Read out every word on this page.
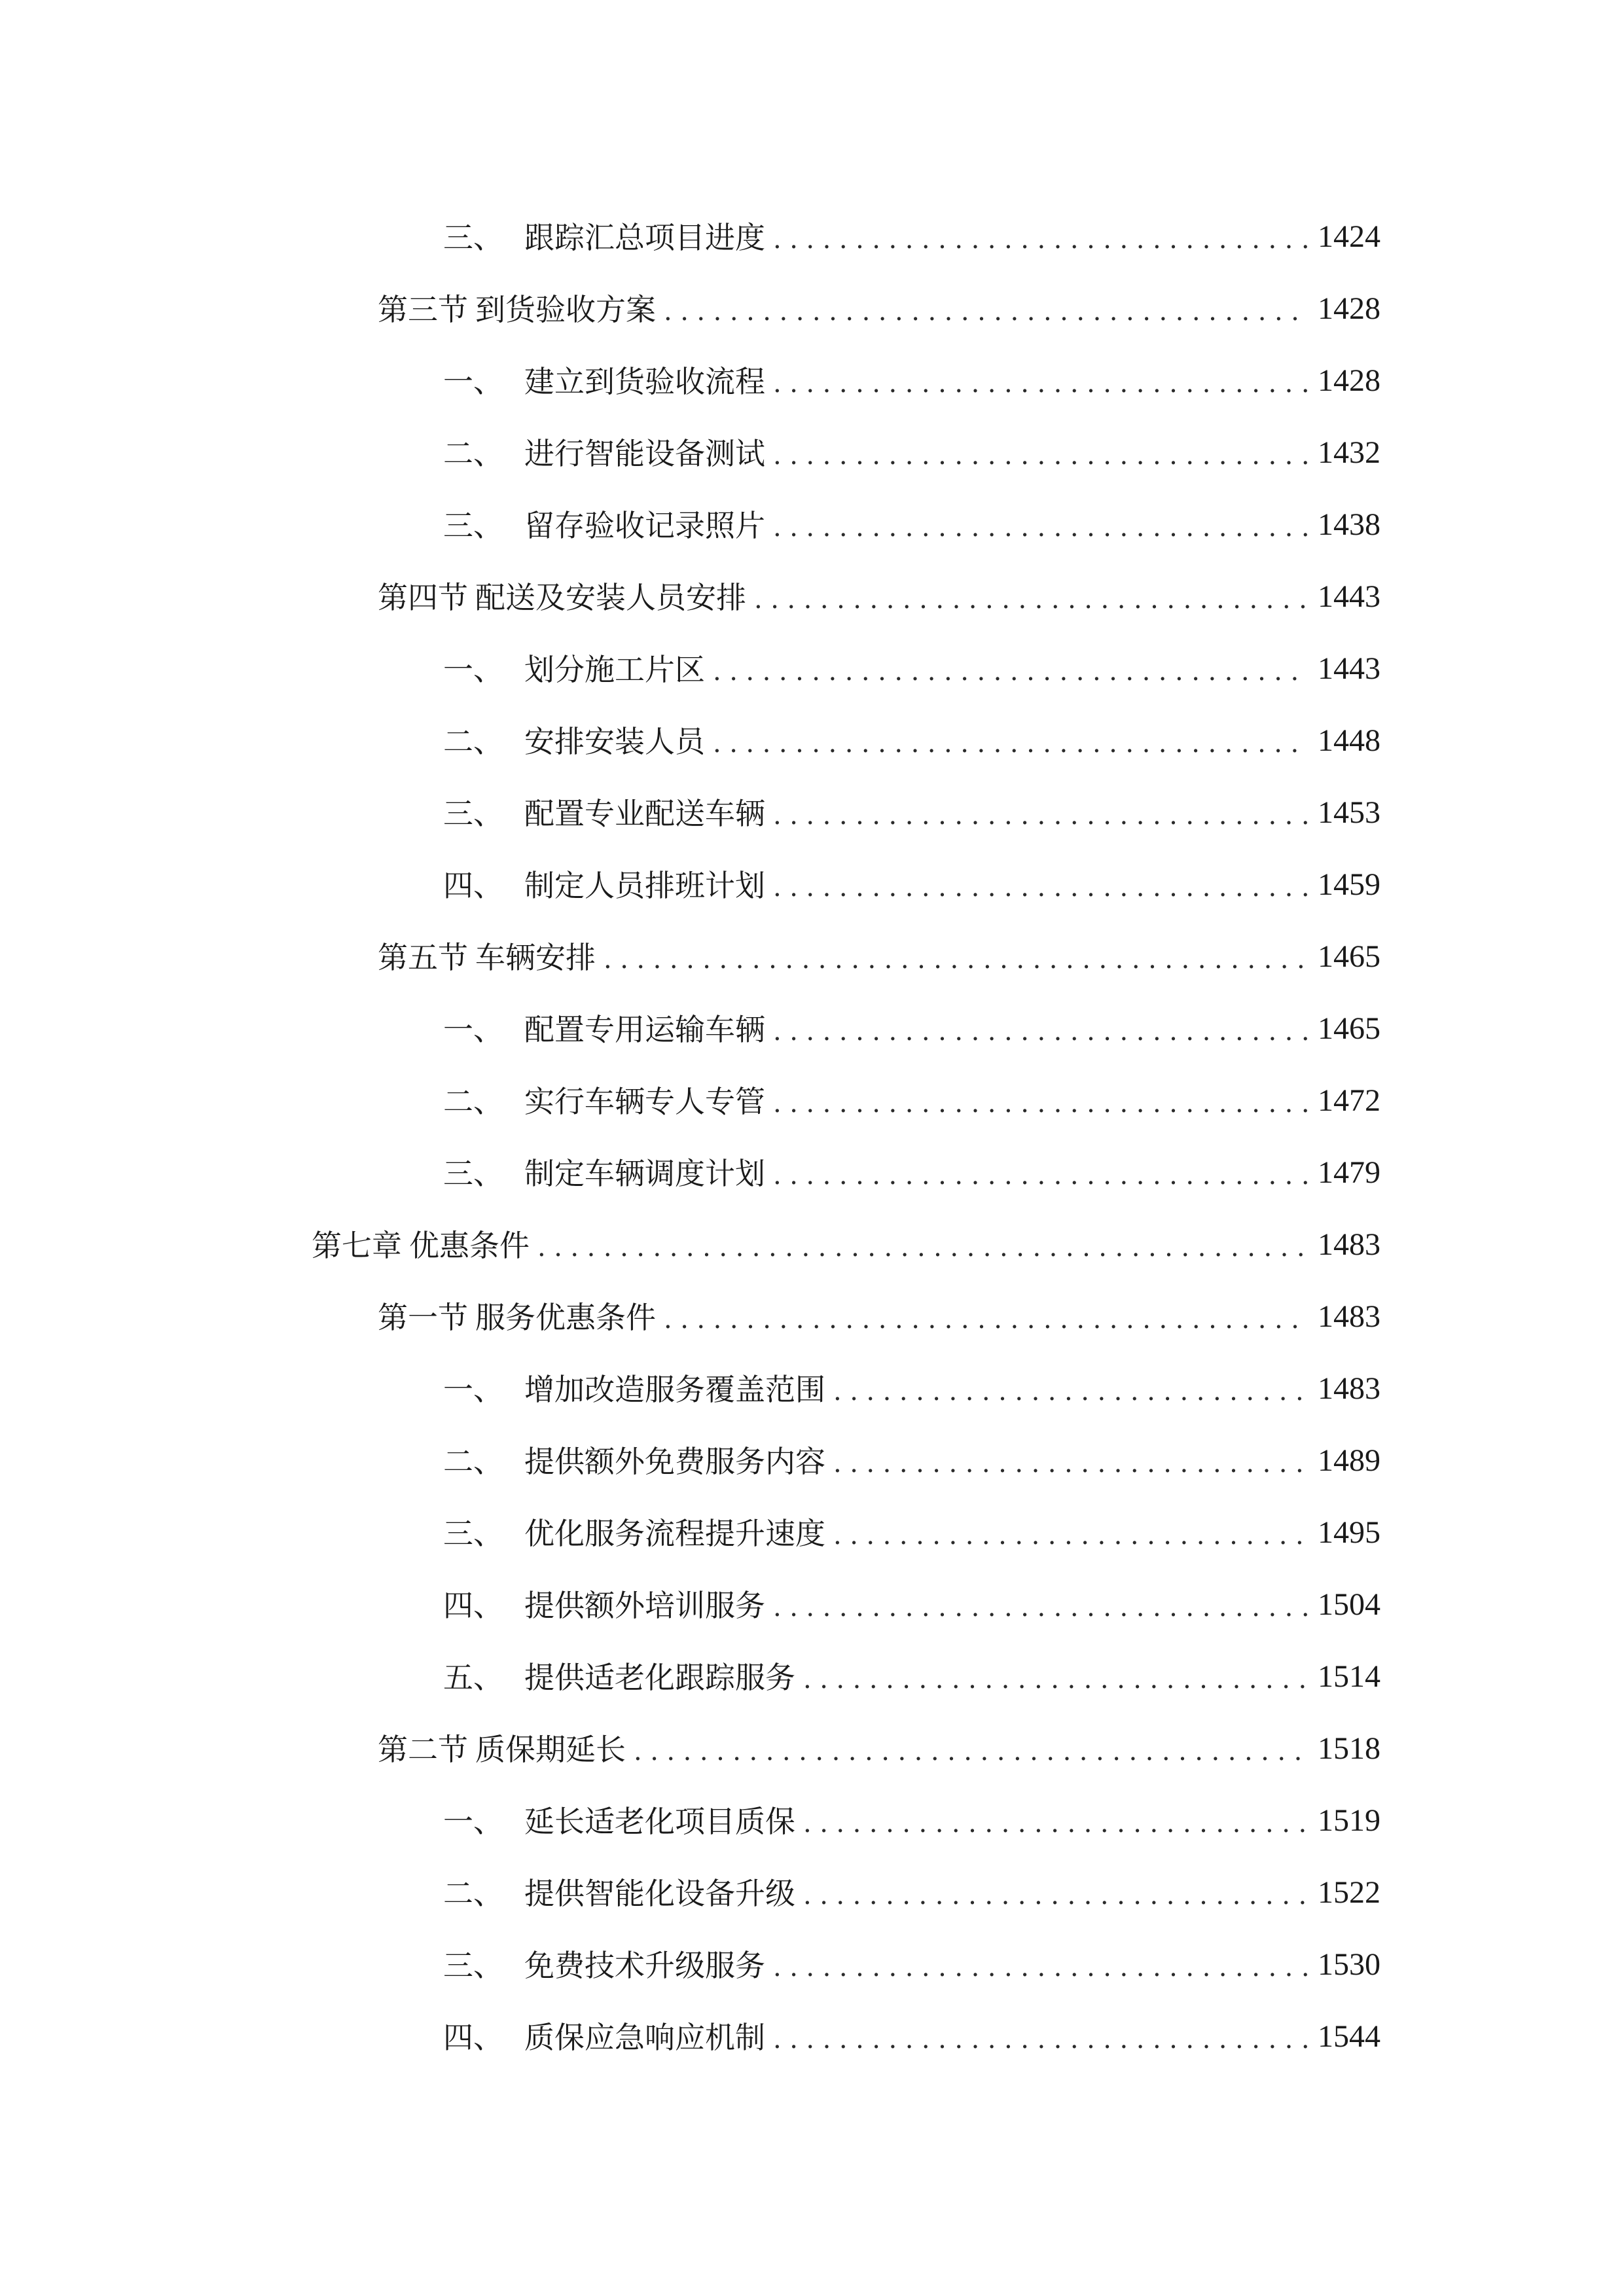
三、 跟踪汇总项目进度 .....	1424
第三节 到货验收方案 .....	1428
一、 建立到货验收流程 .....	1428
二、 进行智能设备测试 .....	1432
三、 留存验收记录照片 .....	1438
第四节 配送及安装人员安排 .....	1443
一、 划分施工片区 .....	1443
二、 安排安装人员 .....	1448
三、 配置专业配送车辆 .....	1453
四、 制定人员排班计划 .....	1459
第五节 车辆安排 .....	1465
一、 配置专用运输车辆 .....	1465
二、 实行车辆专人专管 .....	1472
三、 制定车辆调度计划 .....	1479
第七章 优惠条件 .....	1483
第一节 服务优惠条件 .....	1483
一、 增加改造服务覆盖范围 .....	1483
二、 提供额外免费服务内容 .....	1489
三、 优化服务流程提升速度 .....	1495
四、 提供额外培训服务 .....	1504
五、 提供适老化跟踪服务 .....	1514
第二节 质保期延长 .....	1518
一、 延长适老化项目质保 .....	1519
二、 提供智能化设备升级 .....	1522
三、 免费技术升级服务 .....	1530
四、 质保应急响应机制 .....	1544
